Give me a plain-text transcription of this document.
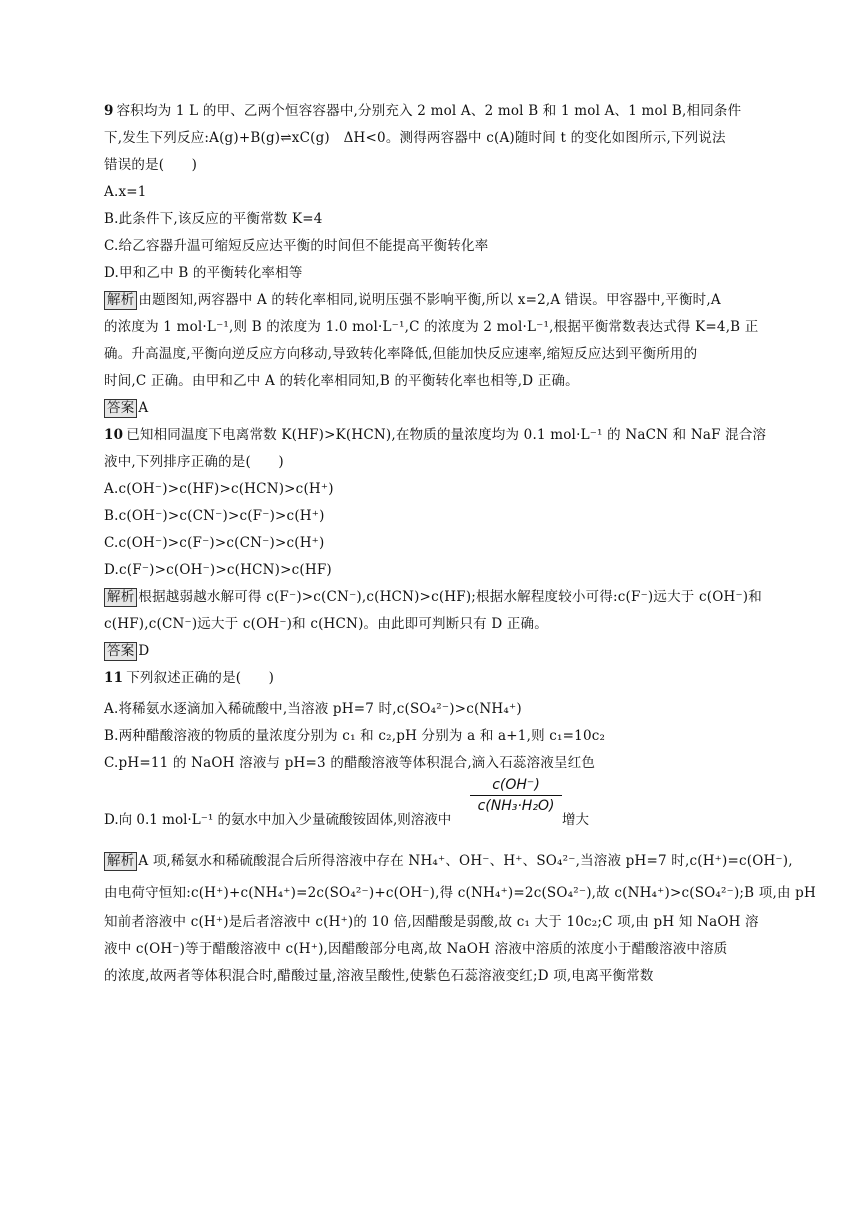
9 容积均为 1 L 的甲、乙两个恒容容器中,分别充入 2 mol A、2 mol B 和 1 mol A、1 mol B,相同条件
下,发生下列反应:A(g)+B(g)⇌xC(g)　ΔH<0。测得两容器中 c(A)随时间 t 的变化如图所示,下列说法
错误的是(　　)
A.x=1
B.此条件下,该反应的平衡常数 K=4
C.给乙容器升温可缩短反应达平衡的时间但不能提高平衡转化率
D.甲和乙中 B 的平衡转化率相等
解析 由题图知,两容器中 A 的转化率相同,说明压强不影响平衡,所以 x=2,A 错误。甲容器中,平衡时,A
的浓度为 1 mol·L⁻¹,则 B 的浓度为 1.0 mol·L⁻¹,C 的浓度为 2 mol·L⁻¹,根据平衡常数表达式得 K=4,B 正
确。升高温度,平衡向逆反应方向移动,导致转化率降低,但能加快反应速率,缩短反应达到平衡所用的
时间,C 正确。由甲和乙中 A 的转化率相同知,B 的平衡转化率也相等,D 正确。
答案 A
10 已知相同温度下电离常数 K(HF)>K(HCN),在物质的量浓度均为 0.1 mol·L⁻¹ 的 NaCN 和 NaF 混合溶
液中,下列排序正确的是(　　)
A.c(OH⁻)>c(HF)>c(HCN)>c(H⁺)
B.c(OH⁻)>c(CN⁻)>c(F⁻)>c(H⁺)
C.c(OH⁻)>c(F⁻)>c(CN⁻)>c(H⁺)
D.c(F⁻)>c(OH⁻)>c(HCN)>c(HF)
解析 根据越弱越水解可得 c(F⁻)>c(CN⁻),c(HCN)>c(HF);根据水解程度较小可得:c(F⁻)远大于 c(OH⁻)和
c(HF),c(CN⁻)远大于 c(OH⁻)和 c(HCN)。由此即可判断只有 D 正确。
答案 D
11 下列叙述正确的是(　　)
A.将稀氨水逐滴加入稀硫酸中,当溶液 pH=7 时,c(SO₄²⁻)>c(NH₄⁺)
B.两种醋酸溶液的物质的量浓度分别为 c₁ 和 c₂,pH 分别为 a 和 a+1,则 c₁=10c₂
C.pH=11 的 NaOH 溶液与 pH=3 的醋酸溶液等体积混合,滴入石蕊溶液呈红色
D.向 0.1 mol·L⁻¹ 的氨水中加入少量硫酸铵固体,则溶液中
c(OH⁻)
c(NH₃·H₂O)
增大
解析 A 项,稀氨水和稀硫酸混合后所得溶液中存在 NH₄⁺、OH⁻、H⁺、SO₄²⁻,当溶液 pH=7 时,c(H⁺)=c(OH⁻),
由电荷守恒知:c(H⁺)+c(NH₄⁺)=2c(SO₄²⁻)+c(OH⁻),得 c(NH₄⁺)=2c(SO₄²⁻),故 c(NH₄⁺)>c(SO₄²⁻);B 项,由 pH
知前者溶液中 c(H⁺)是后者溶液中 c(H⁺)的 10 倍,因醋酸是弱酸,故 c₁ 大于 10c₂;C 项,由 pH 知 NaOH 溶
液中 c(OH⁻)等于醋酸溶液中 c(H⁺),因醋酸部分电离,故 NaOH 溶液中溶质的浓度小于醋酸溶液中溶质
的浓度,故两者等体积混合时,醋酸过量,溶液呈酸性,使紫色石蕊溶液变红;D 项,电离平衡常数
